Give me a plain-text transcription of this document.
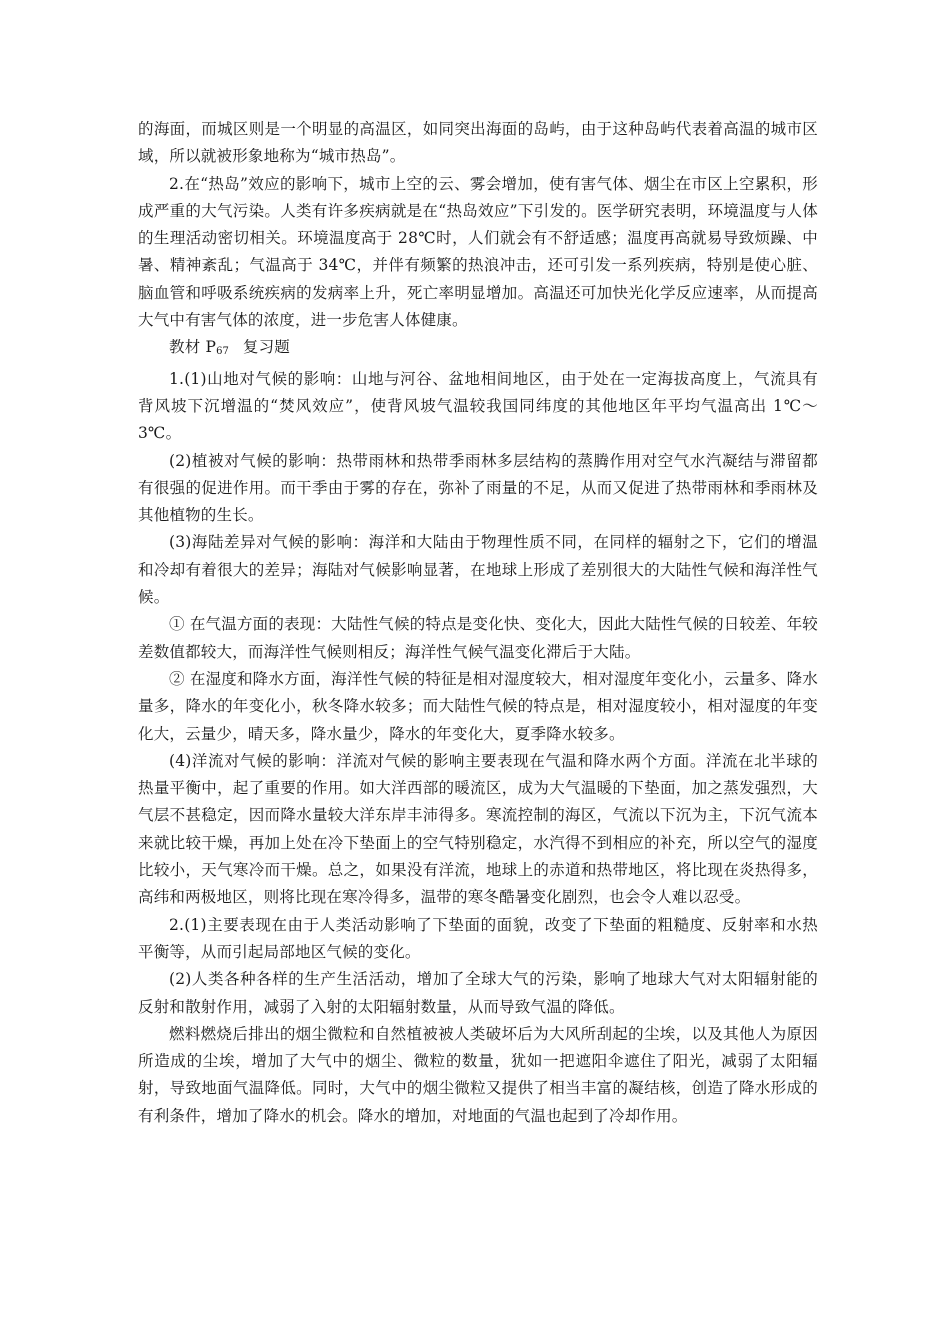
的海面，而城区则是一个明显的高温区，如同突出海面的岛屿，由于这种岛屿代表着高温的城市区域，所以就被形象地称为“城市热岛”。

2.在“热岛”效应的影响下，城市上空的云、雾会增加，使有害气体、烟尘在市区上空累积，形成严重的大气污染。人类有许多疾病就是在“热岛效应”下引发的。医学研究表明，环境温度与人体的生理活动密切相关。环境温度高于 28℃时，人们就会有不舒适感；温度再高就易导致烦躁、中暑、精神紊乱；气温高于 34℃，并伴有频繁的热浪冲击，还可引发一系列疾病，特别是使心脏、脑血管和呼吸系统疾病的发病率上升，死亡率明显增加。高温还可加快光化学反应速率，从而提高大气中有害气体的浓度，进一步危害人体健康。

教材 $P_{67}$ 复习题

1.(1)山地对气候的影响：山地与河谷、盆地相间地区，由于处在一定海拔高度上，气流具有背风坡下沉增温的“焚风效应”，使背风坡气温较我国同纬度的其他地区年平均气温高出 1℃～3℃。

(2)植被对气候的影响：热带雨林和热带季雨林多层结构的蒸腾作用对空气水汽凝结与滞留都有很强的促进作用。而干季由于雾的存在，弥补了雨量的不足，从而又促进了热带雨林和季雨林及其他植物的生长。

(3)海陆差异对气候的影响：海洋和大陆由于物理性质不同，在同样的辐射之下，它们的增温和冷却有着很大的差异；海陆对气候影响显著，在地球上形成了差别很大的大陆性气候和海洋性气候。

① 在气温方面的表现：大陆性气候的特点是变化快、变化大，因此大陆性气候的日较差、年较差数值都较大，而海洋性气候则相反；海洋性气候气温变化滞后于大陆。

② 在湿度和降水方面，海洋性气候的特征是相对湿度较大，相对湿度年变化小，云量多、降水量多，降水的年变化小，秋冬降水较多；而大陆性气候的特点是，相对湿度较小，相对湿度的年变化大，云量少，晴天多，降水量少，降水的年变化大，夏季降水较多。

(4)洋流对气候的影响：洋流对气候的影响主要表现在气温和降水两个方面。洋流在北半球的热量平衡中，起了重要的作用。如大洋西部的暖流区，成为大气温暖的下垫面，加之蒸发强烈，大气层不甚稳定，因而降水量较大洋东岸丰沛得多。寒流控制的海区，气流以下沉为主，下沉气流本来就比较干燥，再加上处在冷下垫面上的空气特别稳定，水汽得不到相应的补充，所以空气的湿度比较小，天气寒冷而干燥。总之，如果没有洋流，地球上的赤道和热带地区，将比现在炎热得多，高纬和两极地区，则将比现在寒冷得多，温带的寒冬酷暑变化剧烈，也会令人难以忍受。

2.(1)主要表现在由于人类活动影响了下垫面的面貌，改变了下垫面的粗糙度、反射率和水热平衡等，从而引起局部地区气候的变化。

(2)人类各种各样的生产生活活动，增加了全球大气的污染，影响了地球大气对太阳辐射能的反射和散射作用，减弱了入射的太阳辐射数量，从而导致气温的降低。

燃料燃烧后排出的烟尘微粒和自然植被被人类破坏后为大风所刮起的尘埃，以及其他人为原因所造成的尘埃，增加了大气中的烟尘、微粒的数量，犹如一把遮阳伞遮住了阳光，减弱了太阳辐射，导致地面气温降低。同时，大气中的烟尘微粒又提供了相当丰富的凝结核，创造了降水形成的有利条件，增加了降水的机会。降水的增加，对地面的气温也起到了冷却作用。
